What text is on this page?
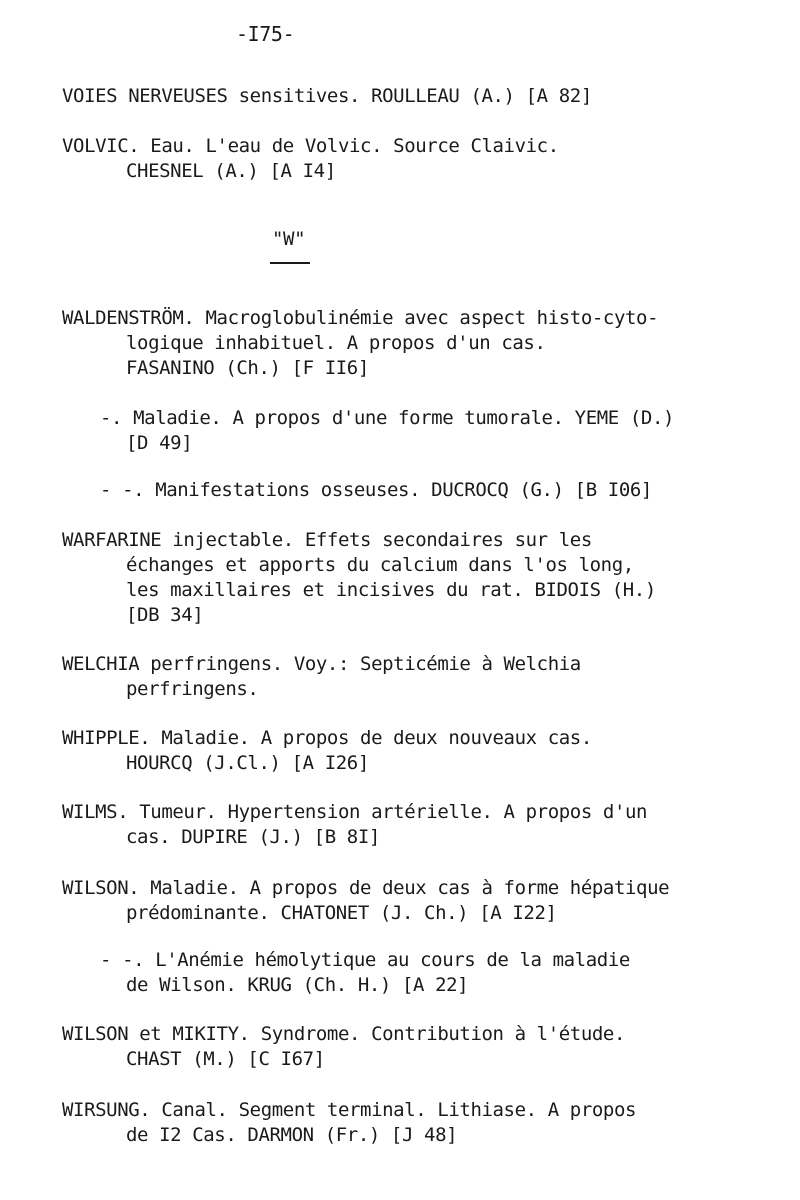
-I75-
VOIES NERVEUSES sensitives. ROULLEAU (A.) [A 82]
VOLVIC. Eau. L'eau de Volvic. Source Claivic.
CHESNEL (A.) [A I4]
"W"
WALDENSTRÖM. Macroglobulinémie avec aspect histo-cyto-
logique inhabituel. A propos d'un cas.
FASANINO (Ch.) [F II6]
-. Maladie. A propos d'une forme tumorale. YEME (D.)
[D 49]
- -. Manifestations osseuses. DUCROCQ (G.) [B I06]
WARFARINE injectable. Effets secondaires sur les
échanges et apports du calcium dans l'os long,
les maxillaires et incisives du rat. BIDOIS (H.)
[DB 34]
WELCHIA perfringens. Voy.: Septicémie à Welchia
perfringens.
WHIPPLE. Maladie. A propos de deux nouveaux cas.
HOURCQ (J.Cl.) [A I26]
WILMS. Tumeur. Hypertension artérielle. A propos d'un
cas. DUPIRE (J.) [B 8I]
WILSON. Maladie. A propos de deux cas à forme hépatique
prédominante. CHATONET (J. Ch.) [A I22]
- -. L'Anémie hémolytique au cours de la maladie
de Wilson. KRUG (Ch. H.) [A 22]
WILSON et MIKITY. Syndrome. Contribution à l'étude.
CHAST (M.) [C I67]
WIRSUNG. Canal. Segment terminal. Lithiase. A propos
de I2 Cas. DARMON (Fr.) [J 48]
